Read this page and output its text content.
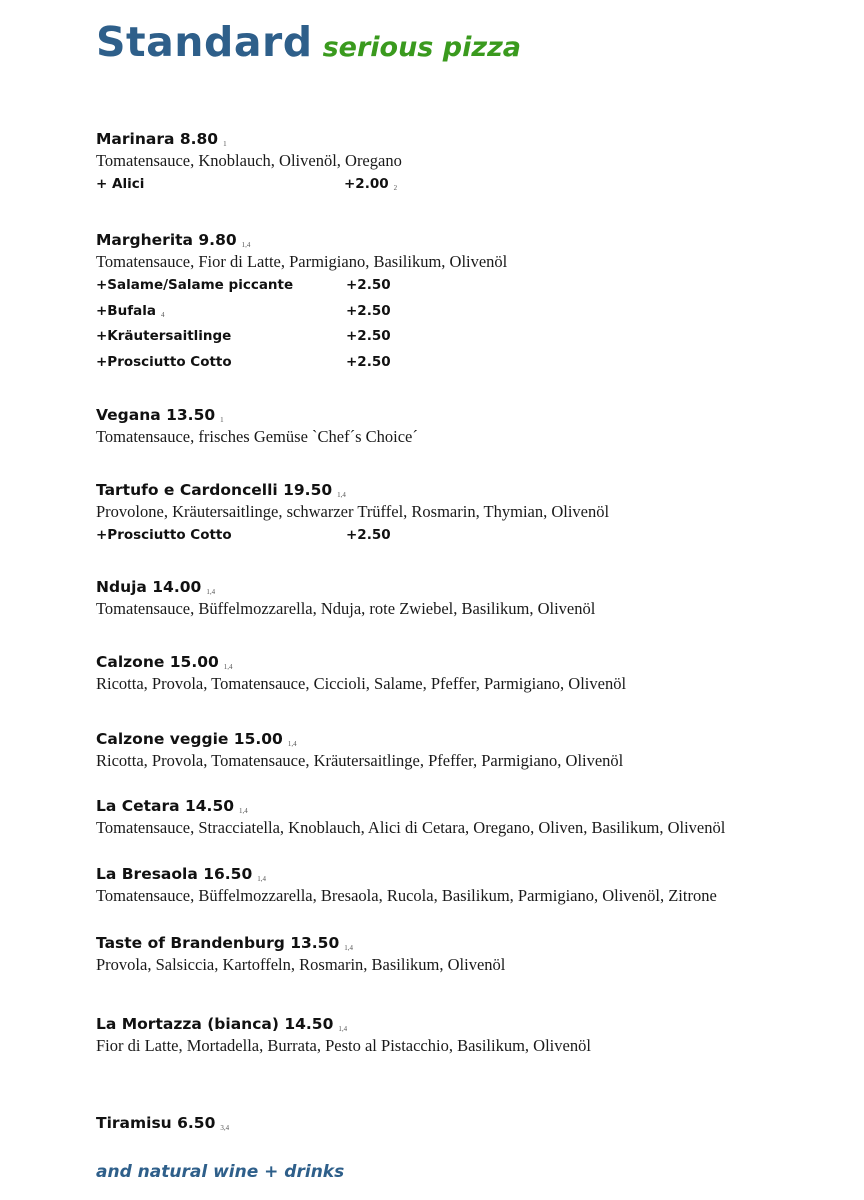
Standard serious pizza
Marinara 8.80 1
Tomatensauce, Knoblauch, Olivenöl, Oregano
+ Alici	+2.00 2
Margherita 9.80 1,4
Tomatensauce, Fior di Latte, Parmigiano, Basilikum, Olivenöl
+Salame/Salame piccante	+2.50
+Bufala 4	+2.50
+Kräutersaitlinge	+2.50
+Prosciutto Cotto	+2.50
Vegana 13.50 1
Tomatensauce, frisches Gemüse `Chef´s Choice´
Tartufo e Cardoncelli 19.50 1,4
Provolone, Kräutersaitlinge, schwarzer Trüffel, Rosmarin, Thymian, Olivenöl
+Prosciutto Cotto	+2.50
Nduja 14.00 1,4
Tomatensauce, Büffelmozzarella, Nduja, rote Zwiebel, Basilikum, Olivenöl
Calzone 15.00 1,4
Ricotta, Provola, Tomatensauce, Ciccioli, Salame, Pfeffer, Parmigiano, Olivenöl
Calzone veggie 15.00 1,4
Ricotta, Provola, Tomatensauce, Kräutersaitlinge, Pfeffer, Parmigiano, Olivenöl
La Cetara 14.50 1,4
Tomatensauce, Stracciatella, Knoblauch, Alici di Cetara, Oregano, Oliven, Basilikum, Olivenöl
La Bresaola 16.50 1,4
Tomatensauce, Büffelmozzarella, Bresaola, Rucola, Basilikum, Parmigiano, Olivenöl, Zitrone
Taste of Brandenburg 13.50 1,4
Provola, Salsiccia, Kartoffeln, Rosmarin, Basilikum, Olivenöl
La Mortazza (bianca) 14.50 1,4
Fior di Latte, Mortadella, Burrata, Pesto al Pistacchio, Basilikum, Olivenöl
Tiramisu 6.50 3,4
and natural wine + drinks
